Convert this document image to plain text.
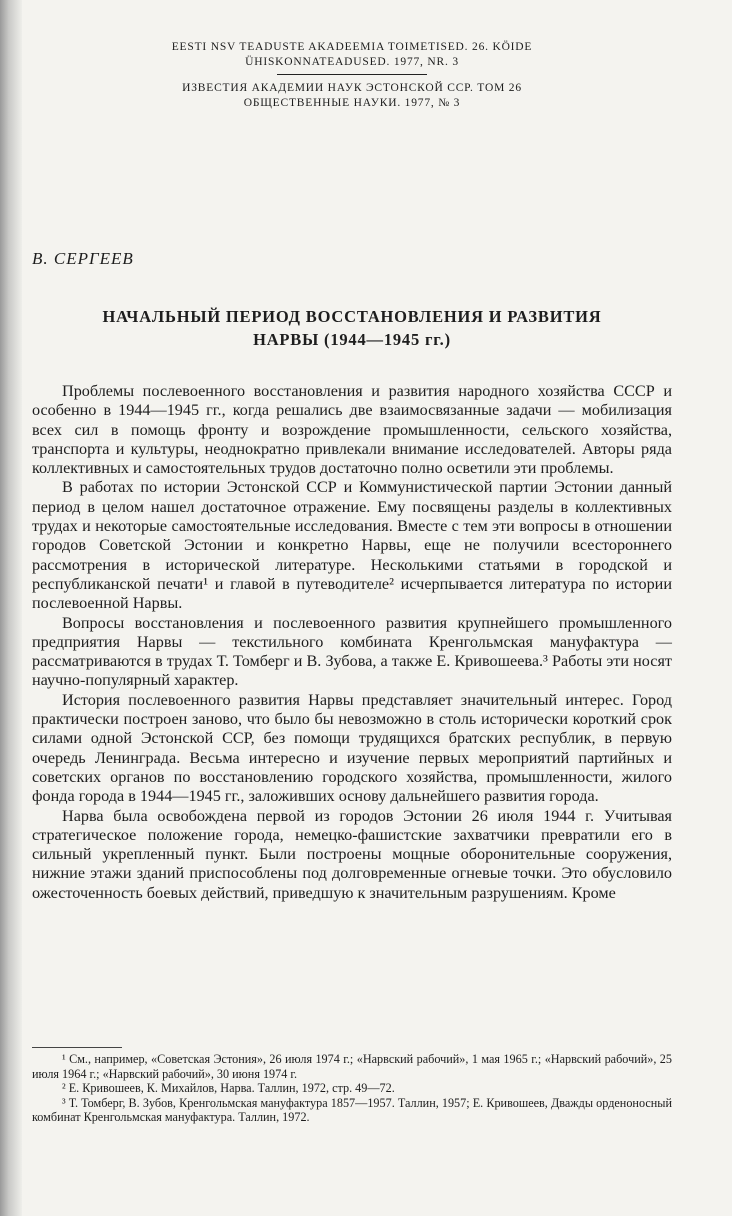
EESTI NSV TEADUSTE AKADEEMIA TOIMETISED. 26. KÖIDE
ÜHISKONNATEADUSED. 1977, NR. 3
ИЗВЕСТИЯ АКАДЕМИИ НАУК ЭСТОНСКОЙ ССР. ТОМ 26
ОБЩЕСТВЕННЫЕ НАУКИ. 1977, № 3
В. СЕРГЕЕВ
НАЧАЛЬНЫЙ ПЕРИОД ВОССТАНОВЛЕНИЯ И РАЗВИТИЯ
НАРВЫ (1944—1945 гг.)

Проблемы послевоенного восстановления и развития народного хозяйства СССР и особенно в 1944—1945 гг., когда решались две взаимосвязанные задачи — мобилизация всех сил в помощь фронту и возрождение промышленности, сельского хозяйства, транспорта и культуры, неоднократно привлекали внимание исследователей. Авторы ряда коллективных и самостоятельных трудов достаточно полно осветили эти проблемы.

В работах по истории Эстонской ССР и Коммунистической партии Эстонии данный период в целом нашел достаточное отражение. Ему посвящены разделы в коллективных трудах и некоторые самостоятельные исследования. Вместе с тем эти вопросы в отношении городов Советской Эстонии и конкретно Нарвы, еще не получили всестороннего рассмотрения в исторической литературе. Несколькими статьями в городской и республиканской печати¹ и главой в путеводителе² исчерпывается литература по истории послевоенной Нарвы.

Вопросы восстановления и послевоенного развития крупнейшего промышленного предприятия Нарвы — текстильного комбината Кренгольмская мануфактура — рассматриваются в трудах Т. Томберг и В. Зубова, а также Е. Кривошеева.³ Работы эти носят научно-популярный характер.

История послевоенного развития Нарвы представляет значительный интерес. Город практически построен заново, что было бы невозможно в столь исторически короткий срок силами одной Эстонской ССР, без помощи трудящихся братских республик, в первую очередь Ленинграда. Весьма интересно и изучение первых мероприятий партийных и советских органов по восстановлению городского хозяйства, промышленности, жилого фонда города в 1944—1945 гг., заложивших основу дальнейшего развития города.

Нарва была освобождена первой из городов Эстонии 26 июля 1944 г. Учитывая стратегическое положение города, немецко-фашистские захватчики превратили его в сильный укрепленный пункт. Были построены мощные оборонительные сооружения, нижние этажи зданий приспособлены под долговременные огневые точки. Это обусловило ожесточенность боевых действий, приведшую к значительным разрушениям. Кроме

¹ См., например, «Советская Эстония», 26 июля 1974 г.; «Нарвский рабочий», 1 мая 1965 г.; «Нарвский рабочий», 25 июля 1964 г.; «Нарвский рабочий», 30 июня 1974 г.

² Е. Кривошеев, К. Михайлов, Нарва. Таллин, 1972, стр. 49—72.

³ Т. Томберг, В. Зубов, Кренгольмская мануфактура 1857—1957. Таллин, 1957; Е. Кривошеев, Дважды орденоносный комбинат Кренгольмская мануфактура. Таллин, 1972.
